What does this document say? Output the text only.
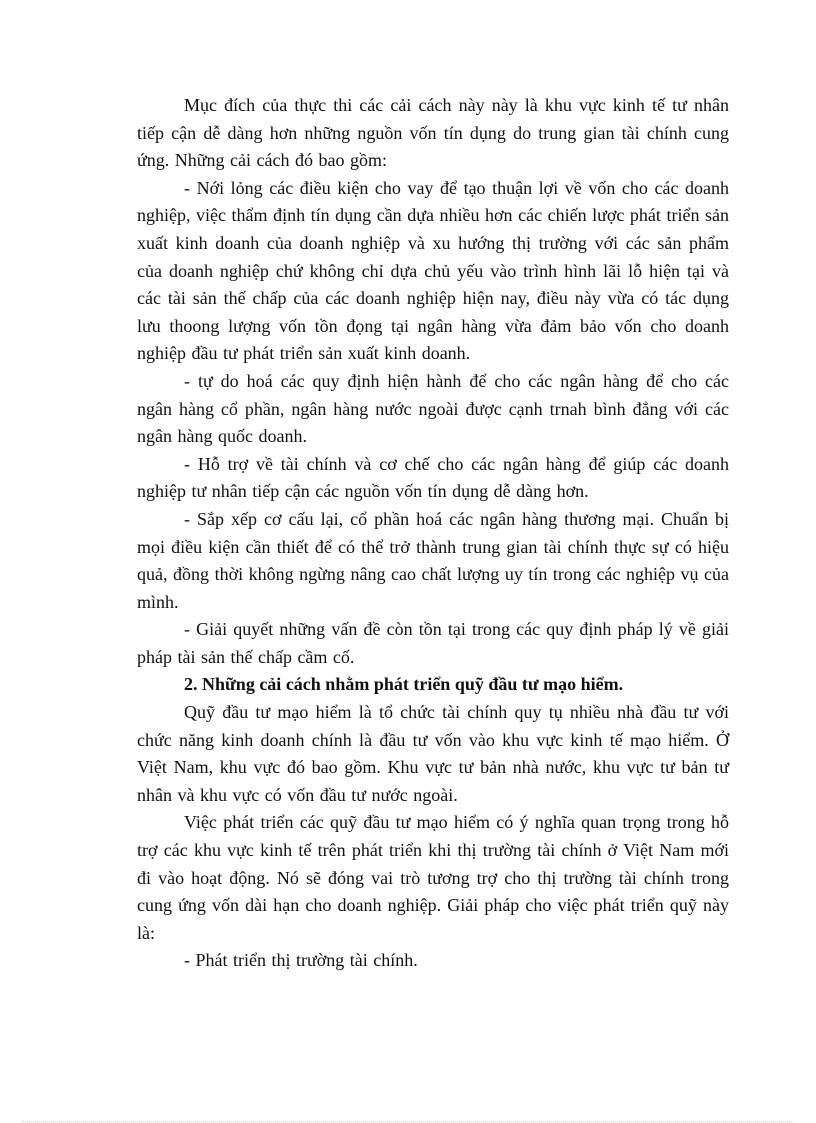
Mục đích của thực thi các cải cách này này là khu vực kinh tế tư nhân tiếp cận dễ dàng hơn những nguồn vốn tín dụng do trung gian tài chính cung ứng. Những cải cách đó bao gồm:

- Nới lỏng các điều kiện cho vay để tạo thuận lợi về vốn cho các doanh nghiệp, việc thẩm định tín dụng cần dựa nhiều hơn các chiến lược phát triển sản xuất kinh doanh của doanh nghiệp và xu hướng thị trường với các sản phẩm của doanh nghiệp chứ không chỉ dựa chủ yếu vào trình hình lãi lỗ hiện tại và các tài sản thế chấp của các doanh nghiệp hiện nay, điều này vừa có tác dụng lưu thoong lượng vốn tồn đọng tại ngân hàng vừa đảm bảo vốn cho doanh nghiệp đầu tư phát triển sản xuất kinh doanh.

- tự do hoá các quy định hiện hành để cho các ngân hàng để cho các ngân hàng cổ phần, ngân hàng nước ngoài được cạnh trnah bình đẳng với các ngân hàng quốc doanh.

- Hỗ trợ về tài chính và cơ chế cho các ngân hàng để giúp các doanh nghiệp tư nhân tiếp cận các nguồn vốn tín dụng dễ dàng hơn.

- Sắp xếp cơ cấu lại, cổ phần hoá các ngân hàng thương mại. Chuẩn bị mọi điều kiện cần thiết để có thể trở thành trung gian tài chính thực sự có hiệu quả, đồng thời không ngừng nâng cao chất lượng uy tín trong các nghiệp vụ của mình.

- Giải quyết những vấn đề còn tồn tại trong các quy định pháp lý về giải pháp tài sản thế chấp cầm cố.

2. Những cải cách nhằm phát triển quỹ đầu tư mạo hiểm.

Quỹ đầu tư mạo hiểm là tổ chức tài chính quy tụ nhiều nhà đầu tư với chức năng kinh doanh chính là đầu tư vốn vào khu vực kinh tế mạo hiểm. Ở Việt Nam, khu vực đó bao gồm. Khu vực tư bản nhà nước, khu vực tư bản tư nhân và khu vực có vốn đầu tư nước ngoài.

Việc phát triển các quỹ đầu tư mạo hiểm có ý nghĩa quan trọng trong hỗ trợ các khu vực kinh tế trên phát triển khi thị trường tài chính ở Việt Nam mới đi vào hoạt động. Nó sẽ đóng vai trò tương trợ cho thị trường tài chính trong cung ứng vốn dài hạn cho doanh nghiệp. Giải pháp cho việc phát triển quỹ này là:

- Phát triển thị trường tài chính.
